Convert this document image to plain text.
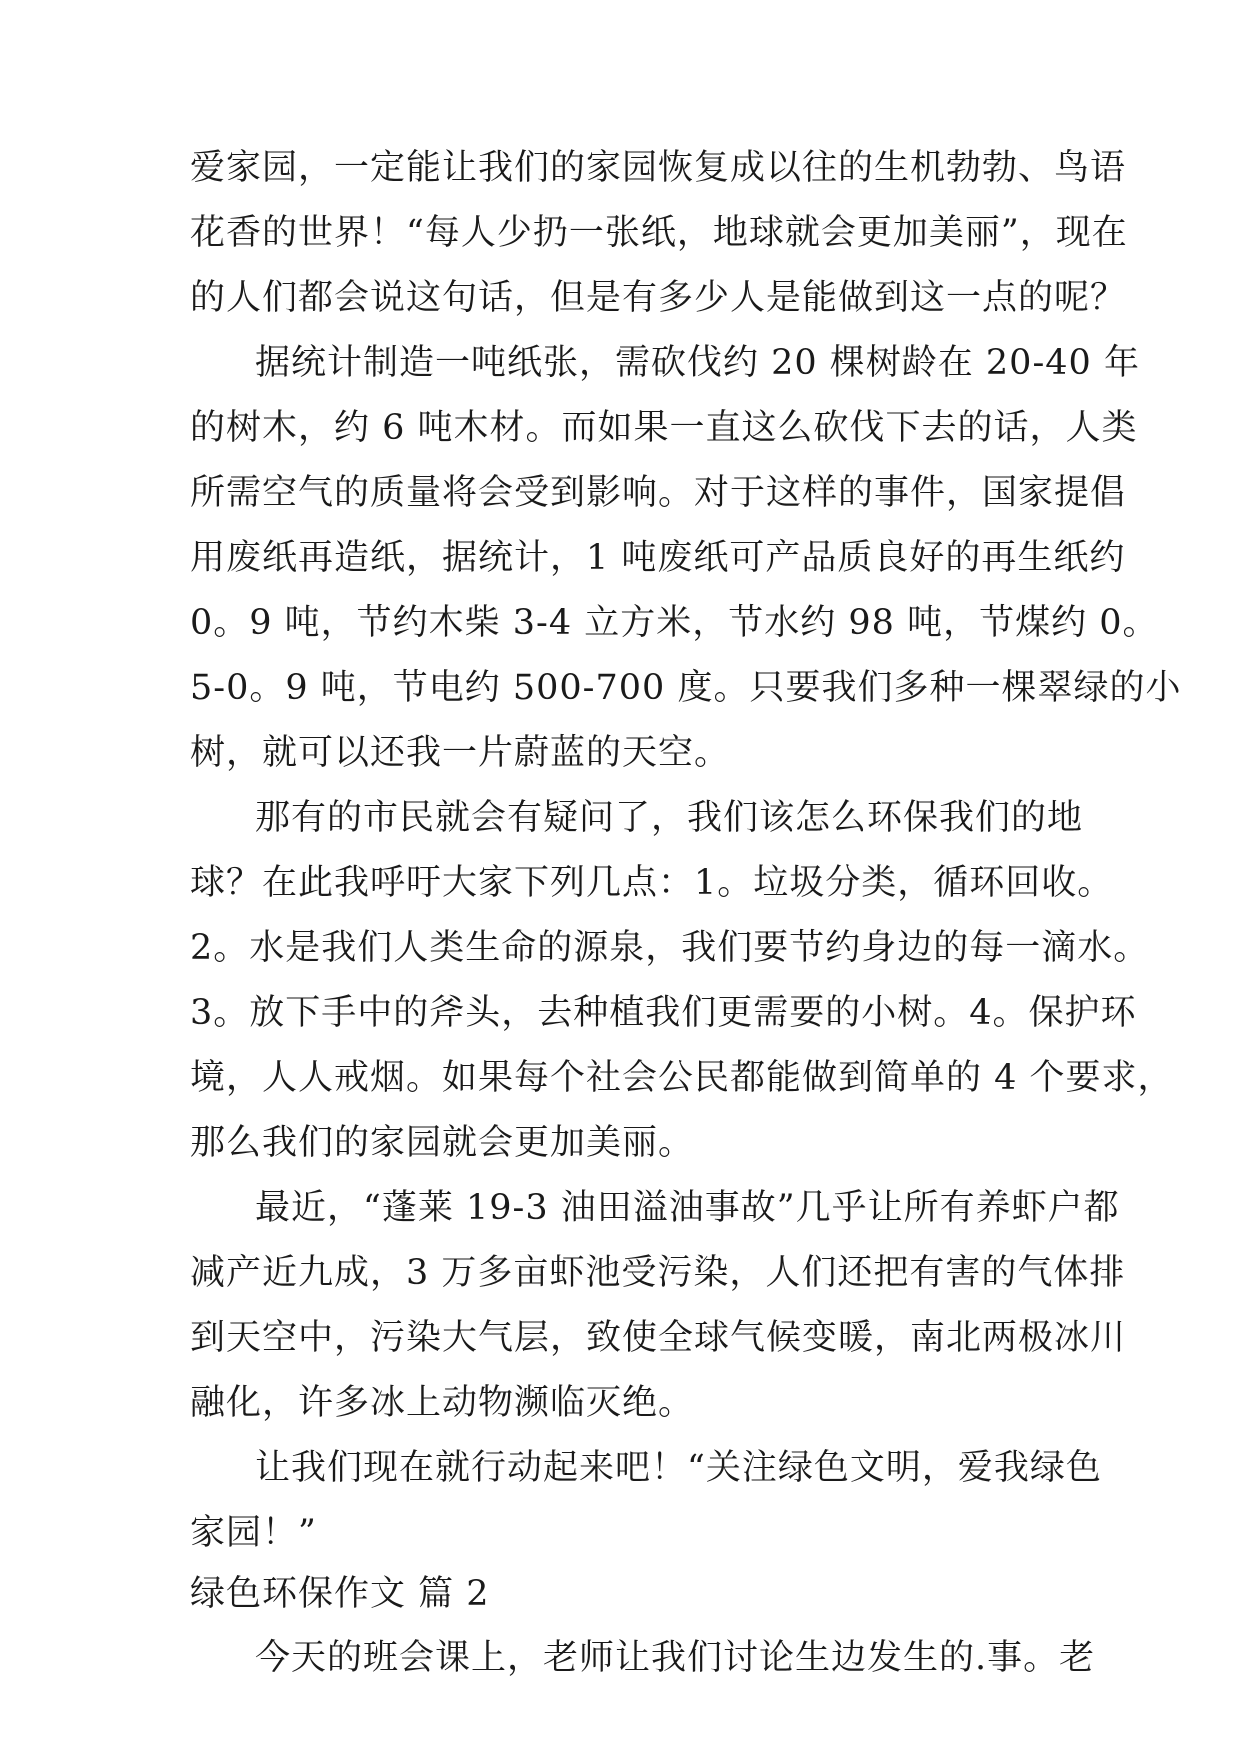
爱家园，一定能让我们的家园恢复成以往的生机勃勃、鸟语
花香的世界！“每人少扔一张纸，地球就会更加美丽”，现在
的人们都会说这句话，但是有多少人是能做到这一点的呢？
据统计制造一吨纸张，需砍伐约 20 棵树龄在 20-40 年
的树木，约 6 吨木材。而如果一直这么砍伐下去的话，人类
所需空气的质量将会受到影响。对于这样的事件，国家提倡
用废纸再造纸，据统计，1 吨废纸可产品质良好的再生纸约
0。9 吨，节约木柴 3-4 立方米，节水约 98 吨，节煤约 0。
5-0。9 吨，节电约 500-700 度。只要我们多种一棵翠绿的小
树，就可以还我一片蔚蓝的天空。
那有的市民就会有疑问了，我们该怎么环保我们的地
球？在此我呼吁大家下列几点：1。垃圾分类，循环回收。
2。水是我们人类生命的源泉，我们要节约身边的每一滴水。
3。放下手中的斧头，去种植我们更需要的小树。4。保护环
境，人人戒烟。如果每个社会公民都能做到简单的 4 个要求，
那么我们的家园就会更加美丽。
最近，“蓬莱 19-3 油田溢油事故”几乎让所有养虾户都
减产近九成，3 万多亩虾池受污染，人们还把有害的气体排
到天空中，污染大气层，致使全球气候变暖，南北两极冰川
融化，许多冰上动物濒临灭绝。
让我们现在就行动起来吧！“关注绿色文明，爱我绿色
家园！”
绿色环保作文 篇 2
今天的班会课上，老师让我们讨论生边发生的.事。老
